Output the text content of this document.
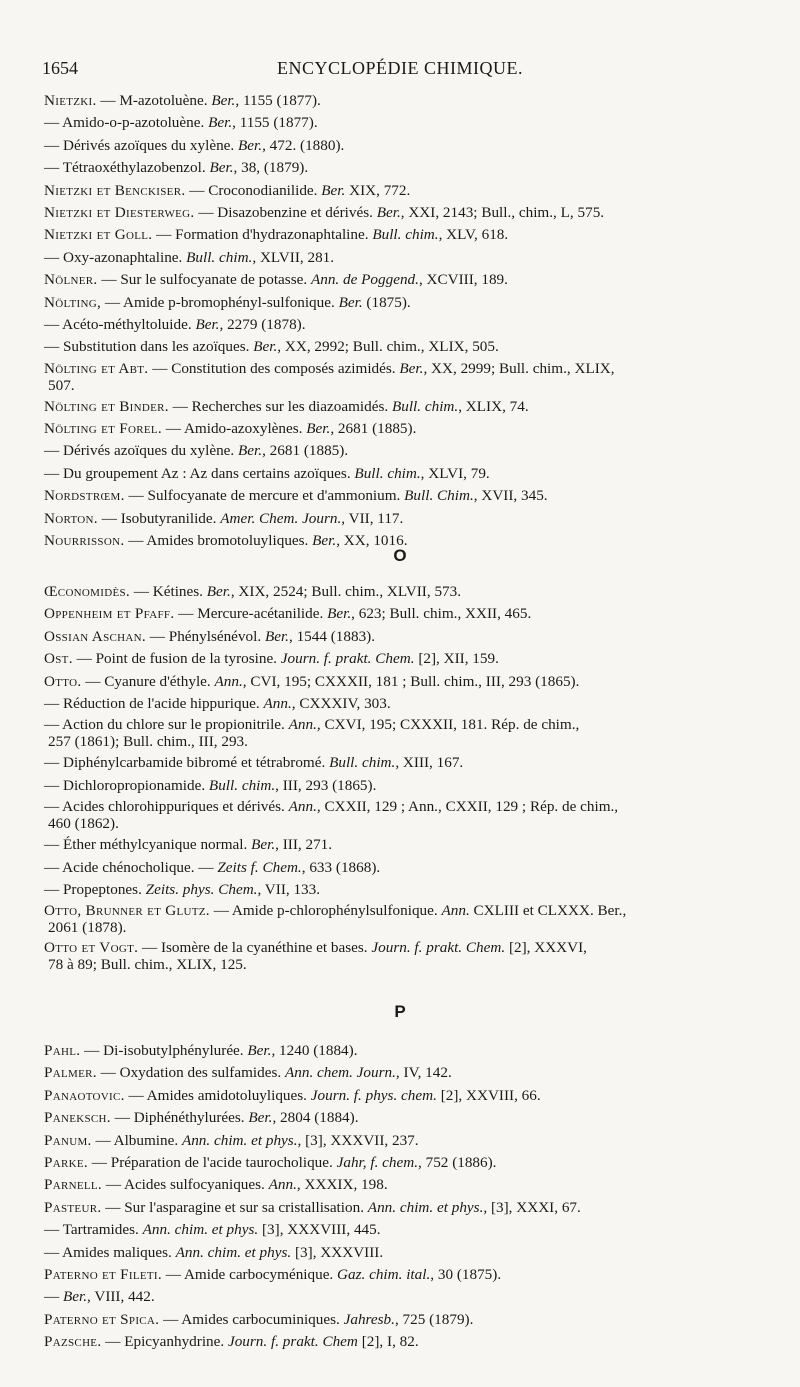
1654	ENCYCLOPÉDIE CHIMIQUE.
Nietzki. — M-azotoluène. Ber., 1155 (1877).
— Amido-o-p-azotoluène. Ber., 1155 (1877).
— Dérivés azoïques du xylène. Ber., 472. (1880).
— Tétraoxéthylazobenzol. Ber., 38, (1879).
Nietzki et Benckiser. — Croconodianilide. Ber. XIX, 772.
Nietzki et Diesterweg. — Disazobenzine et dérivés. Ber., XXI, 2143; Bull., chim., L, 575.
Nietzki et Goll. — Formation d'hydrazonaphtaline. Bull. chim., XLV, 618.
— Oxy-azonaphtaline. Bull. chim., XLVII, 281.
Nölner. — Sur le sulfocyanate de potasse. Ann. de Poggend., XCVIII, 189.
Nölting, — Amide p-bromophényl-sulfonique. Ber. (1875).
— Acéto-méthyltoluide. Ber., 2279 (1878).
— Substitution dans les azoïques. Ber., XX, 2992; Bull. chim., XLIX, 505.
Nölting et Abt. — Constitution des composés azimidés. Ber., XX, 2999; Bull. chim., XLIX,
507.
Nölting et Binder. — Recherches sur les diazoamidés. Bull. chim., XLIX, 74.
Nölting et Forel. — Amido-azoxylènes. Ber., 2681 (1885).
— Dérivés azoïques du xylène. Ber., 2681 (1885).
— Du groupement Az : Az dans certains azoïques. Bull. chim., XLVI, 79.
Nordstrœm. — Sulfocyanate de mercure et d'ammonium. Bull. Chim., XVII, 345.
Norton. — Isobutyranilide. Amer. Chem. Journ., VII, 117.
Nourrisson. — Amides bromotoluyliques. Ber., XX, 1016.
O
Œconomidès. — Kétines. Ber., XIX, 2524; Bull. chim., XLVII, 573.
Oppenheim et Pfaff. — Mercure-acétanilide. Ber., 623; Bull. chim., XXII, 465.
Ossian Aschan. — Phénylsénévol. Ber., 1544 (1883).
Ost. — Point de fusion de la tyrosine. Journ. f. prakt. Chem. [2], XII, 159.
Otto. — Cyanure d'éthyle. Ann., CVI, 195; CXXXII, 181 ; Bull. chim., III, 293 (1865).
— Réduction de l'acide hippurique. Ann., CXXXIV, 303.
— Action du chlore sur le propionitrile. Ann., CXVI, 195; CXXXII, 181. Rép. de chim.,
257 (1861); Bull. chim., III, 293.
— Diphénylcarbamide bibromé et tétrabromé. Bull. chim., XIII, 167.
— Dichloropropionamide. Bull. chim., III, 293 (1865).
— Acides chlorohippuriques et dérivés. Ann., CXXII, 129 ; Ann., CXXII, 129 ; Rép. de chim.,
460 (1862).
— Éther méthylcyanique normal. Ber., III, 271.
— Acide chénocholique. — Zeits f. Chem., 633 (1868).
— Propeptones. Zeits. phys. Chem., VII, 133.
Otto, Brunner et Glutz. — Amide p-chlorophénylsulfonique. Ann. CXLIII et CLXXX. Ber.,
2061 (1878).
Otto et Vogt. — Isomère de la cyanéthine et bases. Journ. f. prakt. Chem. [2], XXXVI,
78 à 89; Bull. chim., XLIX, 125.
P
Pahl. — Di-isobutylphénylurée. Ber., 1240 (1884).
Palmer. — Oxydation des sulfamides. Ann. chem. Journ., IV, 142.
Panaotovic. — Amides amidotoluyliques. Journ. f. phys. chem. [2], XXVIII, 66.
Panekscн. — Diphénéthylurées. Ber., 2804 (1884).
Panum. — Albumine. Ann. chim. et phys., [3], XXXVII, 237.
Parke. — Préparation de l'acide taurocholique. Jahr, f. chem., 752 (1886).
Parnell. — Acides sulfocyaniques. Ann., XXXIX, 198.
Pasteur. — Sur l'asparagine et sur sa cristallisation. Ann. chim. et phys., [3], XXXI, 67.
— Tartramides. Ann. chim. et phys. [3], XXXVIII, 445.
— Amides maliques. Ann. chim. et phys. [3], XXXVIII.
Paterno et Fileti. — Amide carbocyménique. Gaz. chim. ital., 30 (1875).
— Ber., VIII, 442.
Paterno et Spica. — Amides carbocuminiques. Jahresb., 725 (1879).
Pazsche. — Epicyanhydrine. Journ. f. prakt. Chem [2], I, 82.
